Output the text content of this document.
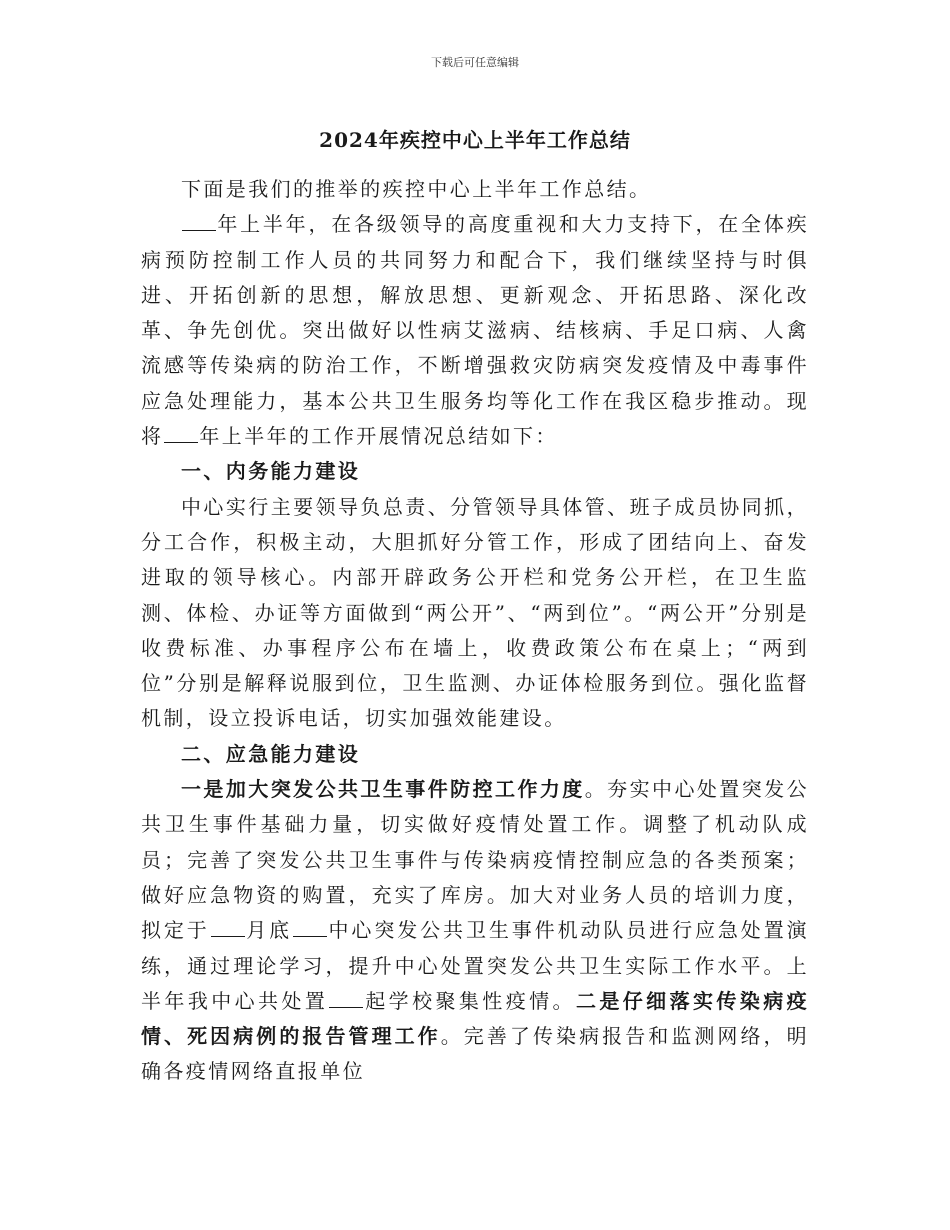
下载后可任意编辑
2024年疾控中心上半年工作总结

下面是我们的推举的疾控中心上半年工作总结。

年上半年，在各级领导的高度重视和大力支持下，在全体疾病预防控制工作人员的共同努力和配合下，我们继续坚持与时俱进、开拓创新的思想，解放思想、更新观念、开拓思路、深化改革、争先创优。突出做好以性病艾滋病、结核病、手足口病、人禽流感等传染病的防治工作，不断增强救灾防病突发疫情及中毒事件应急处理能力，基本公共卫生服务均等化工作在我区稳步推动。现将 年上半年的工作开展情况总结如下：

一、内务能力建设

中心实行主要领导负总责、分管领导具体管、班子成员协同抓，分工合作，积极主动，大胆抓好分管工作，形成了团结向上、奋发进取的领导核心。内部开辟政务公开栏和党务公开栏，在卫生监测、体检、办证等方面做到“两公开”、“两到位”。“两公开”分别是收费标准、办事程序公布在墙上，收费政策公布在桌上；“两到位”分别是解释说服到位，卫生监测、办证体检服务到位。强化监督机制，设立投诉电话，切实加强效能建设。

二、应急能力建设

一是加大突发公共卫生事件防控工作力度。夯实中心处置突发公共卫生事件基础力量，切实做好疫情处置工作。调整了机动队成员；完善了突发公共卫生事件与传染病疫情控制应急的各类预案；做好应急物资的购置，充实了库房。加大对业务人员的培训力度，拟定于 月底 中心突发公共卫生事件机动队员进行应急处置演练，通过理论学习，提升中心处置突发公共卫生实际工作水平。上半年我中心共处置 起学校聚集性疫情。二是仔细落实传染病疫情、死因病例的报告管理工作。完善了传染病报告和监测网络，明确各疫情网络直报单位
